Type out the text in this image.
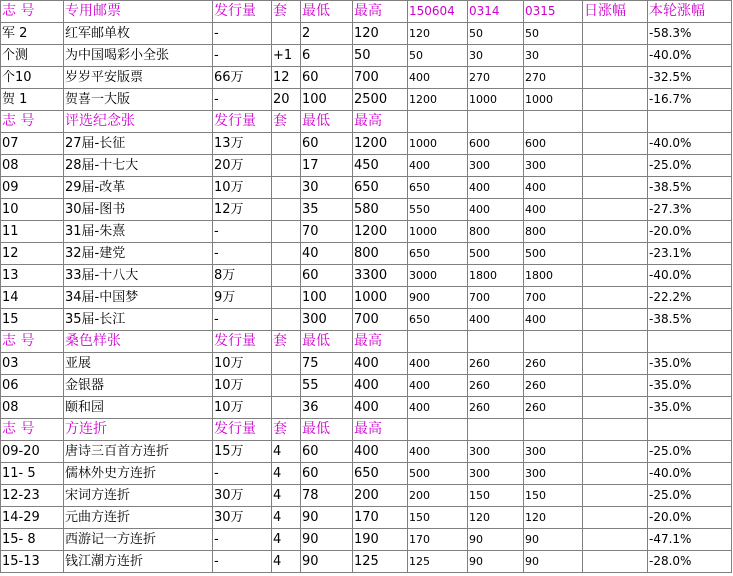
志 号	专用邮票	发行量	套	最低	最高	150604	0314	0315	日涨幅	本轮涨幅
军 2	红军邮单枚	-		2	120	120	50	50		-58.3%
个测	为中国喝彩小全张	-	+1	6	50	50	30	30		-40.0%
个10	岁岁平安版票	66万	12	60	700	400	270	270		-32.5%
贺 1	贺喜一大版	-	20	100	2500	1200	1000	1000		-16.7%
志 号	评选纪念张	发行量	套	最低	最高					
07	27届-长征	13万		60	1200	1000	600	600		-40.0%
08	28届-十七大	20万		17	450	400	300	300		-25.0%
09	29届-改革	10万		30	650	650	400	400		-38.5%
10	30届-图书	12万		35	580	550	400	400		-27.3%
11	31届-朱熹	-		70	1200	1000	800	800		-20.0%
12	32届-建党	-		40	800	650	500	500		-23.1%
13	33届-十八大	8万		60	3300	3000	1800	1800		-40.0%
14	34届-中国梦	9万		100	1000	900	700	700		-22.2%
15	35届-长江	-		300	700	650	400	400		-38.5%
志 号	桑色样张	发行量	套	最低	最高					
03	亚展	10万		75	400	400	260	260		-35.0%
06	金银器	10万		55	400	400	260	260		-35.0%
08	颐和园	10万		36	400	400	260	260		-35.0%
志 号	方连折	发行量	套	最低	最高					
09-20	唐诗三百首方连折	15万	4	60	400	400	300	300		-25.0%
11- 5	儒林外史方连折	-	4	60	650	500	300	300		-40.0%
12-23	宋词方连折	30万	4	78	200	200	150	150		-25.0%
14-29	元曲方连折	30万	4	90	170	150	120	120		-20.0%
15- 8	西游记一方连折	-	4	90	190	170	90	90		-47.1%
15-13	钱江潮方连折	-	4	90	125	125	90	90		-28.0%
